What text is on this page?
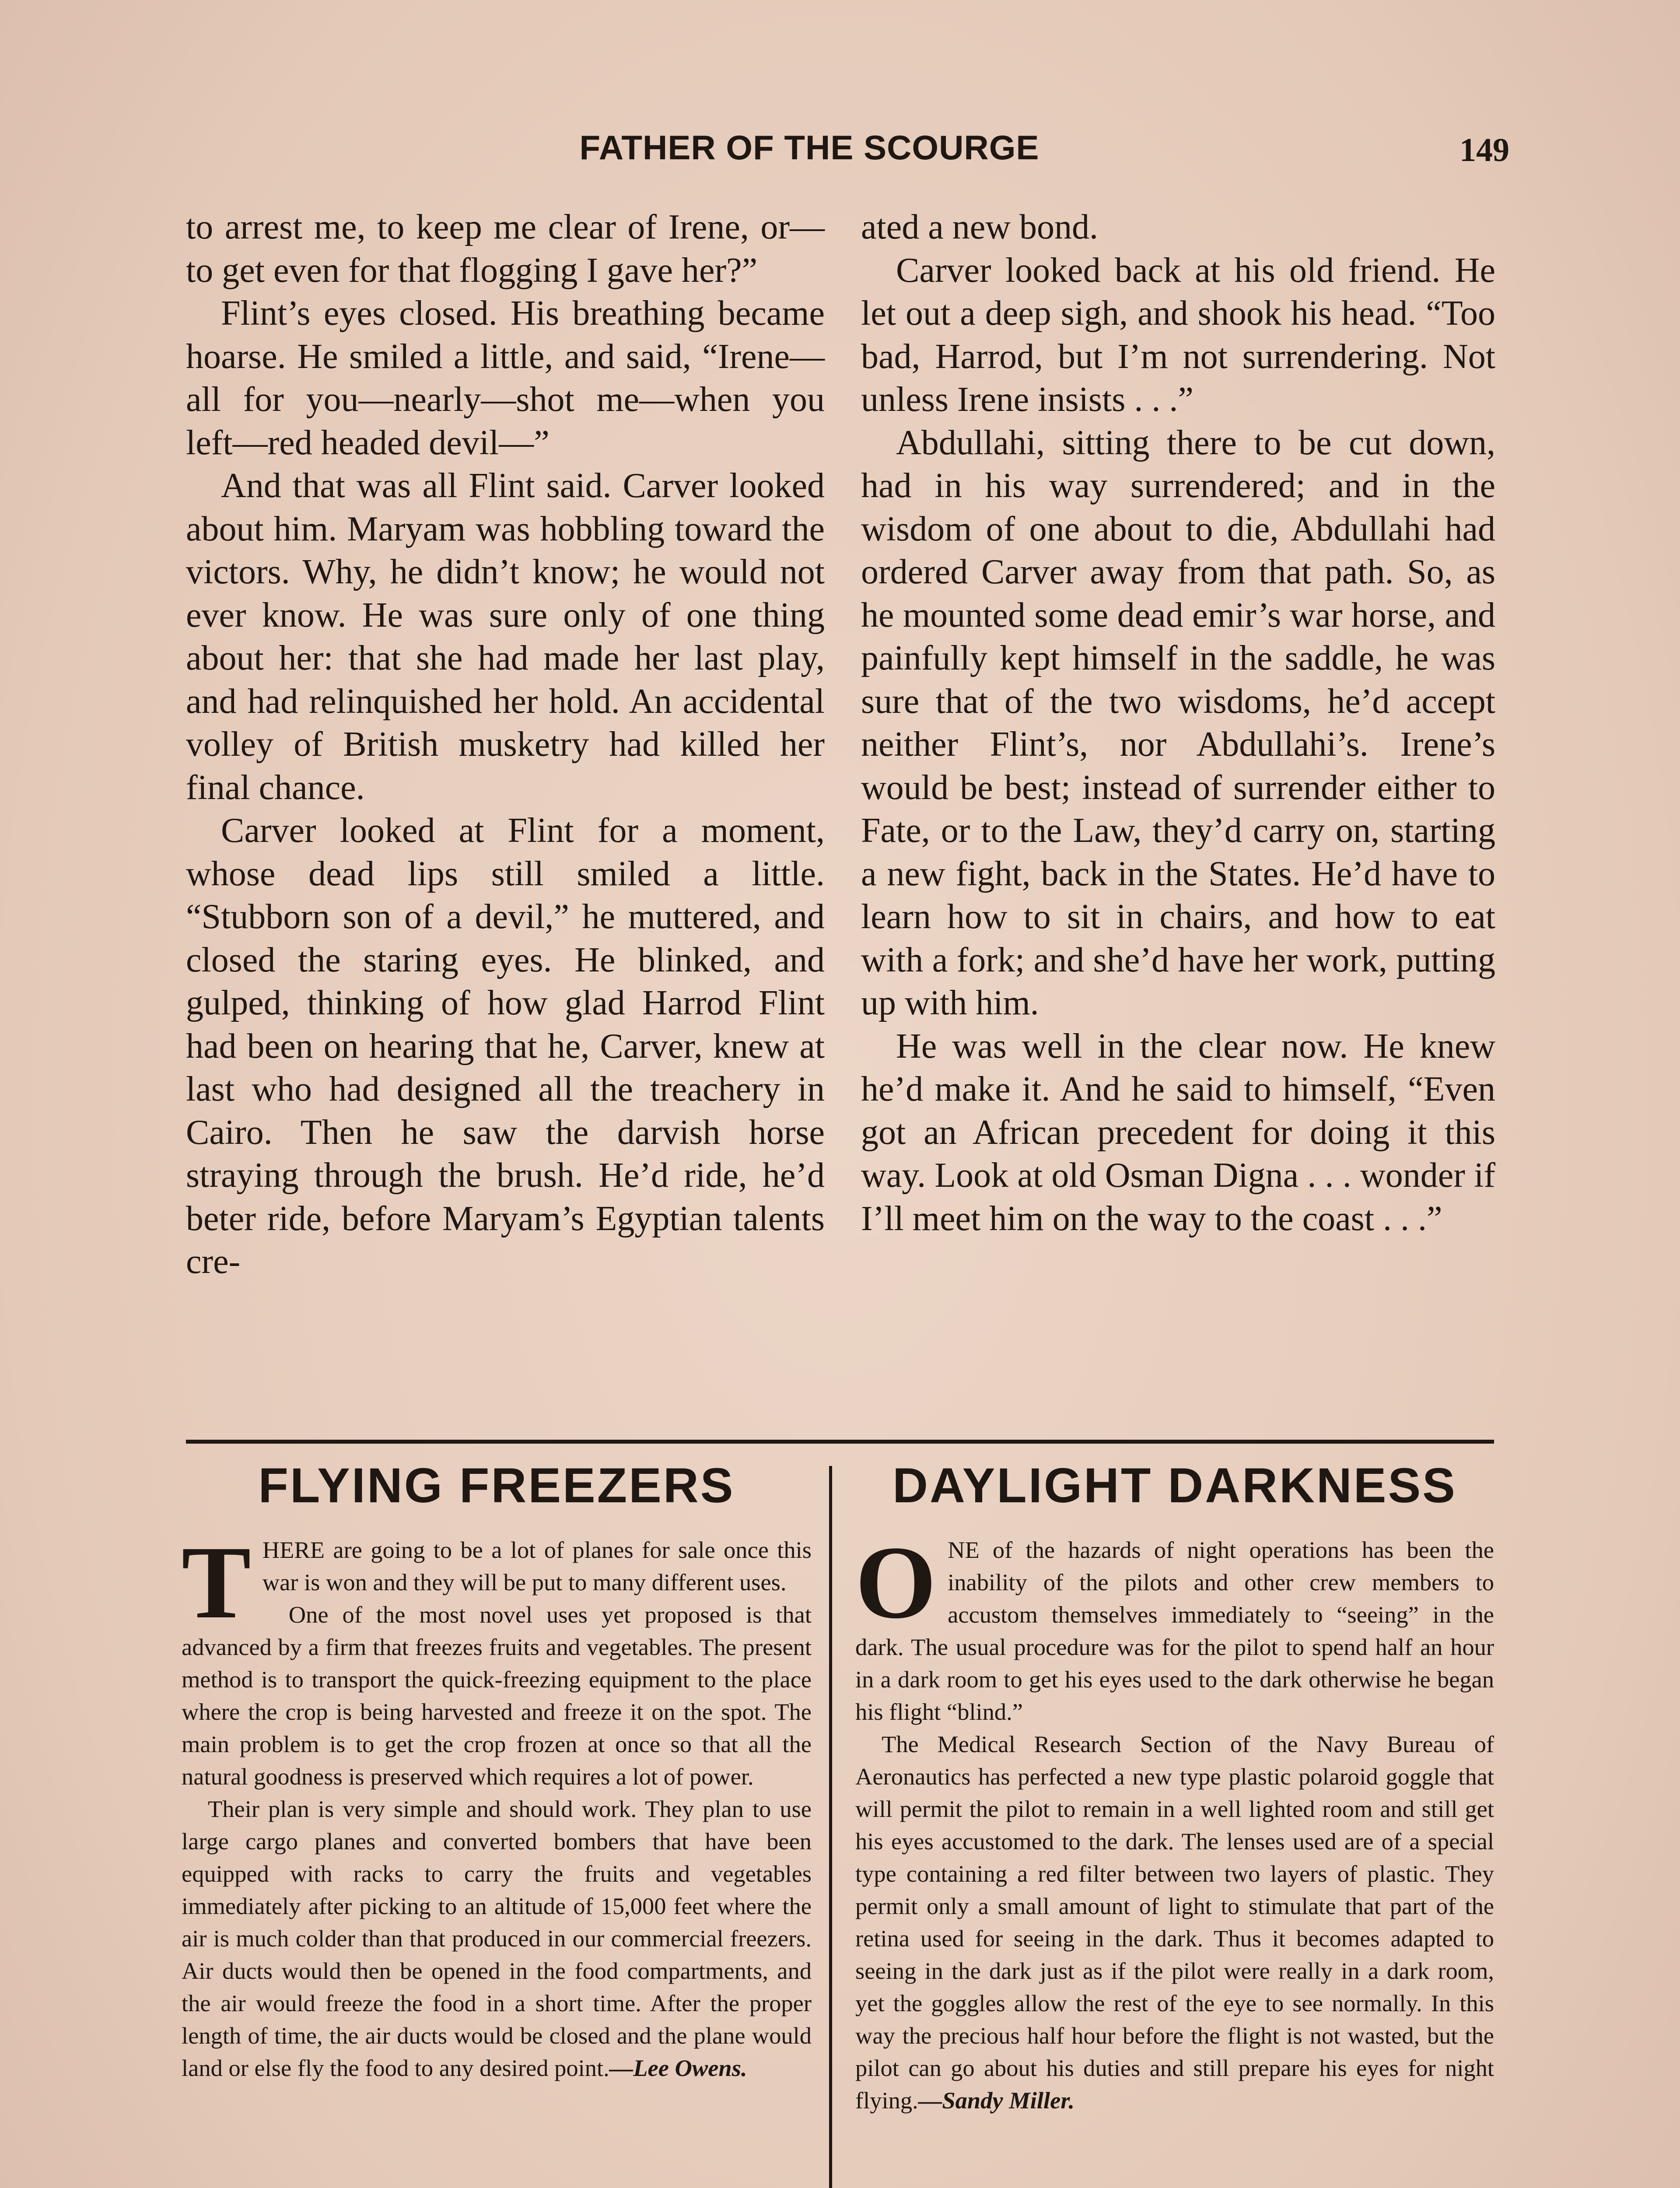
FATHER OF THE SCOURGE	149

to arrest me, to keep me clear of Irene, or—to get even for that flogging I gave her?”

Flint’s eyes closed. His breathing became hoarse. He smiled a little, and said, “Irene—all for you—nearly—shot me—when you left—red headed devil—”

And that was all Flint said. Carver looked about him. Maryam was hobbling toward the victors. Why, he didn’t know; he would not ever know. He was sure only of one thing about her: that she had made her last play, and had relinquished her hold. An accidental volley of British musketry had killed her final chance.

Carver looked at Flint for a moment, whose dead lips still smiled a little. “Stubborn son of a devil,” he muttered, and closed the staring eyes. He blinked, and gulped, thinking of how glad Harrod Flint had been on hearing that he, Carver, knew at last who had designed all the treachery in Cairo. Then he saw the darvish horse straying through the brush. He’d ride, he’d beter ride, before Maryam’s Egyptian talents cre-

ated a new bond.

Carver looked back at his old friend. He let out a deep sigh, and shook his head. “Too bad, Harrod, but I’m not surrendering. Not unless Irene insists . . .”

Abdullahi, sitting there to be cut down, had in his way surrendered; and in the wisdom of one about to die, Abdullahi had ordered Carver away from that path. So, as he mounted some dead emir’s war horse, and painfully kept himself in the saddle, he was sure that of the two wisdoms, he’d accept neither Flint’s, nor Abdullahi’s. Irene’s would be best; instead of surrender either to Fate, or to the Law, they’d carry on, starting a new fight, back in the States. He’d have to learn how to sit in chairs, and how to eat with a fork; and she’d have her work, putting up with him.

He was well in the clear now. He knew he’d make it. And he said to himself, “Even got an African precedent for doing it this way. Look at old Osman Digna . . . wonder if I’ll meet him on the way to the coast . . .”

FLYING FREEZERS

THERE are going to be a lot of planes for sale once this war is won and they will be put to many different uses.

One of the most novel uses yet proposed is that advanced by a firm that freezes fruits and vegetables. The present method is to transport the quick-freezing equipment to the place where the crop is being harvested and freeze it on the spot. The main problem is to get the crop frozen at once so that all the natural goodness is preserved which requires a lot of power.

Their plan is very simple and should work. They plan to use large cargo planes and converted bombers that have been equipped with racks to carry the fruits and vegetables immediately after picking to an altitude of 15,000 feet where the air is much colder than that produced in our commercial freezers. Air ducts would then be opened in the food compartments, and the air would freeze the food in a short time. After the proper length of time, the air ducts would be closed and the plane would land or else fly the food to any desired point.—Lee Owens.

DAYLIGHT DARKNESS

ONE of the hazards of night operations has been the inability of the pilots and other crew members to accustom themselves immediately to “seeing” in the dark. The usual procedure was for the pilot to spend half an hour in a dark room to get his eyes used to the dark otherwise he began his flight “blind.”

The Medical Research Section of the Navy Bureau of Aeronautics has perfected a new type plastic polaroid goggle that will permit the pilot to remain in a well lighted room and still get his eyes accustomed to the dark. The lenses used are of a special type containing a red filter between two layers of plastic. They permit only a small amount of light to stimulate that part of the retina used for seeing in the dark. Thus it becomes adapted to seeing in the dark just as if the pilot were really in a dark room, yet the goggles allow the rest of the eye to see normally. In this way the precious half hour before the flight is not wasted, but the pilot can go about his duties and still prepare his eyes for night flying.—Sandy Miller.
